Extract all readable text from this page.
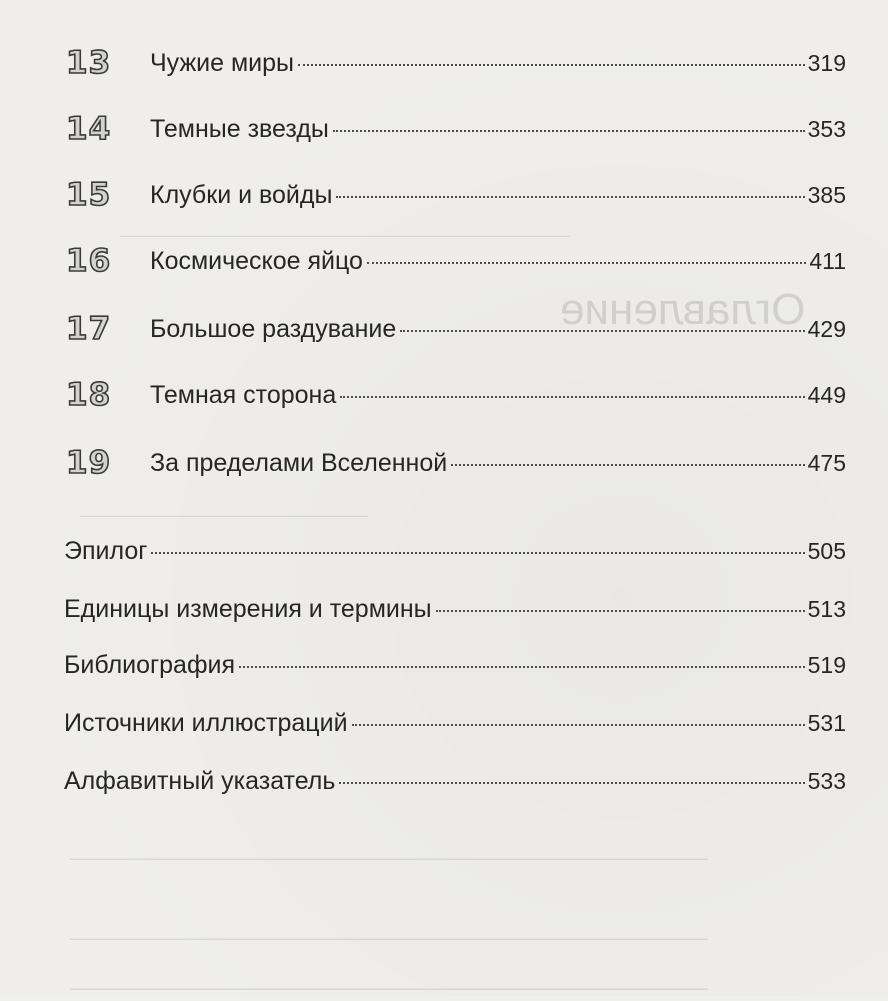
Оглавление
—————————————————————————
————————————————
—————————————————————————————
—————————————————————————————
—————————————————————————————
13	Чужие миры	319
14	Темные звезды	353
15	Клубки и войды	385
16	Космическое яйцо	411
17	Большое раздувание	429
18	Темная сторона	449
19	За пределами Вселенной	475
Эпилог	505
Единицы измерения и термины	513
Библиография	519
Источники иллюстраций	531
Алфавитный указатель	533
